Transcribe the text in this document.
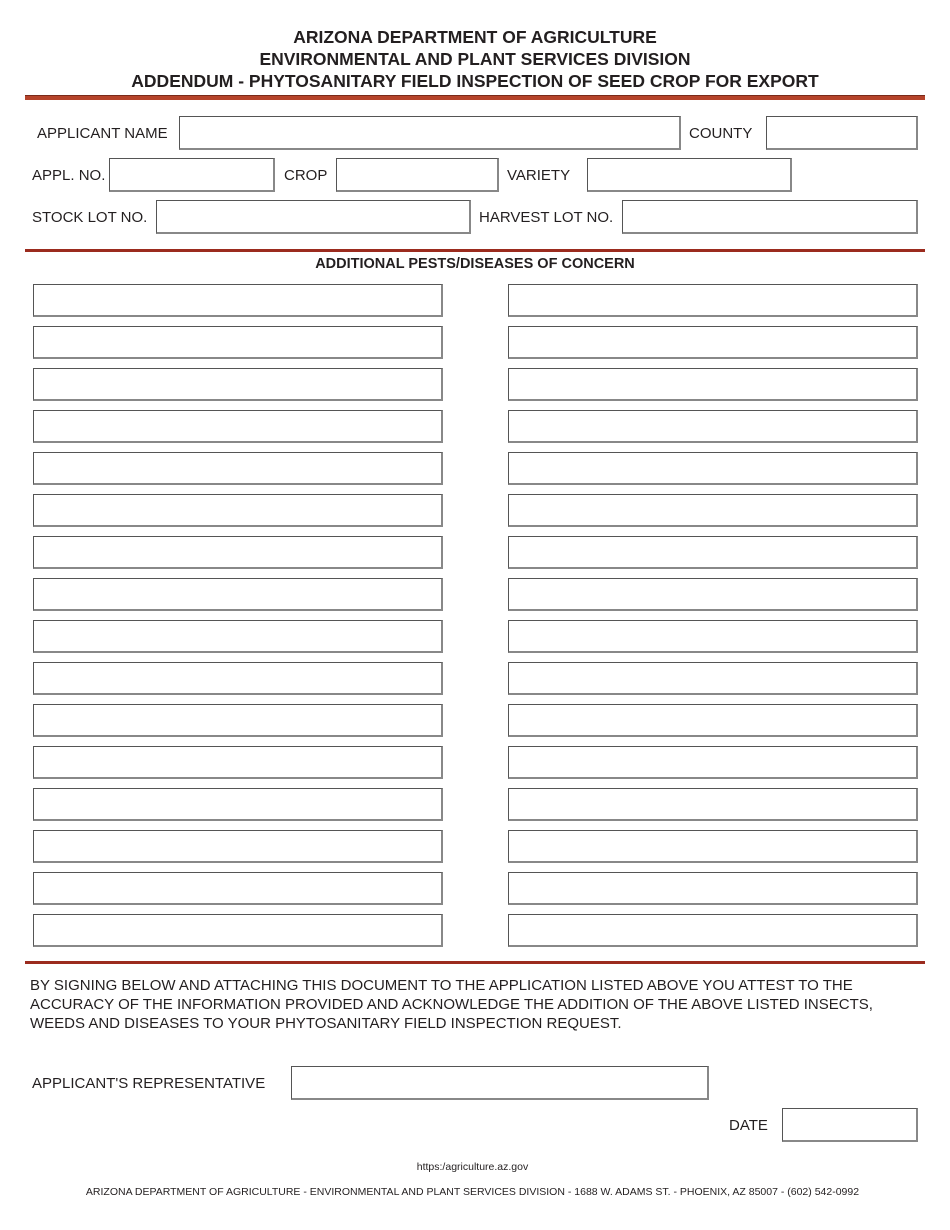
ARIZONA DEPARTMENT OF AGRICULTURE
ENVIRONMENTAL AND PLANT SERVICES DIVISION
ADDENDUM - PHYTOSANITARY FIELD INSPECTION OF SEED CROP FOR EXPORT
APPLICANT NAME	COUNTY
APPL. NO.	CROP	VARIETY
STOCK LOT NO.	HARVEST LOT NO.
ADDITIONAL PESTS/DISEASES OF CONCERN
BY SIGNING BELOW AND ATTACHING THIS DOCUMENT TO THE APPLICATION LISTED ABOVE YOU ATTEST TO THE ACCURACY OF THE INFORMATION PROVIDED AND ACKNOWLEDGE THE ADDITION OF THE ABOVE LISTED INSECTS, WEEDS AND DISEASES TO YOUR PHYTOSANITARY FIELD INSPECTION REQUEST.
APPLICANT'S REPRESENTATIVE
DATE
https:/agriculture.az.gov
ARIZONA DEPARTMENT OF AGRICULTURE - ENVIRONMENTAL AND PLANT SERVICES DIVISION - 1688 W. ADAMS ST. - PHOENIX, AZ 85007 - (602) 542-0992
